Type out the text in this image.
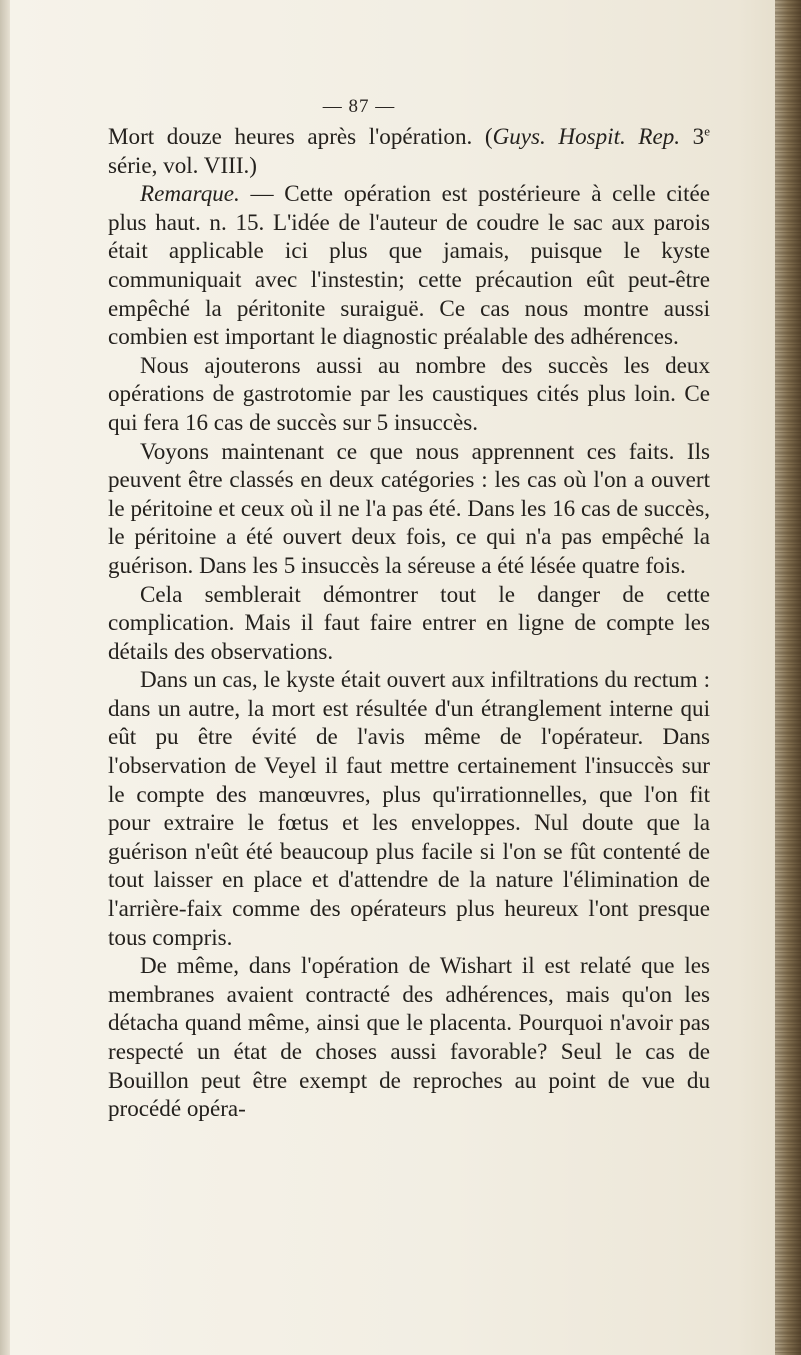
— 87 —

Mort douze heures après l'opération. (Guys. Hospit. Rep. 3e série, vol. VIII.)

Remarque. — Cette opération est postérieure à celle citée plus haut. n. 15. L'idée de l'auteur de coudre le sac aux parois était applicable ici plus que jamais, puisque le kyste communiquait avec l'instestin; cette précaution eût peut-être empêché la péritonite suraiguë. Ce cas nous montre aussi combien est important le diagnostic préalable des adhérences.

Nous ajouterons aussi au nombre des succès les deux opérations de gastrotomie par les caustiques cités plus loin. Ce qui fera 16 cas de succès sur 5 insuccès.

Voyons maintenant ce que nous apprennent ces faits. Ils peuvent être classés en deux catégories : les cas où l'on a ouvert le péritoine et ceux où il ne l'a pas été. Dans les 16 cas de succès, le péritoine a été ouvert deux fois, ce qui n'a pas empêché la guérison. Dans les 5 insuccès la séreuse a été lésée quatre fois.

Cela semblerait démontrer tout le danger de cette complication. Mais il faut faire entrer en ligne de compte les détails des observations.

Dans un cas, le kyste était ouvert aux infiltrations du rectum : dans un autre, la mort est résultée d'un étranglement interne qui eût pu être évité de l'avis même de l'opérateur. Dans l'observation de Veyel il faut mettre certainement l'insuccès sur le compte des manœuvres, plus qu'irrationnelles, que l'on fit pour extraire le fœtus et les enveloppes. Nul doute que la guérison n'eût été beaucoup plus facile si l'on se fût contenté de tout laisser en place et d'attendre de la nature l'élimination de l'arrière-faix comme des opérateurs plus heureux l'ont presque tous compris.

De même, dans l'opération de Wishart il est relaté que les membranes avaient contracté des adhérences, mais qu'on les détacha quand même, ainsi que le placenta. Pourquoi n'avoir pas respecté un état de choses aussi favorable? Seul le cas de Bouillon peut être exempt de reproches au point de vue du procédé opéra-
